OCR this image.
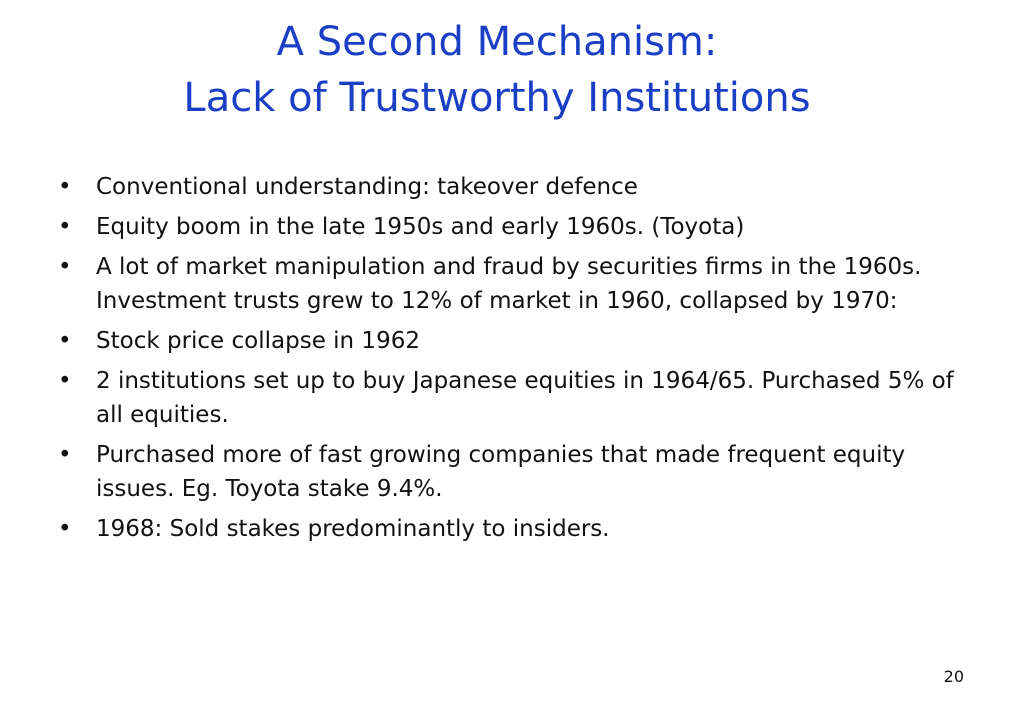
A Second Mechanism:
Lack of Trustworthy Institutions
• Conventional understanding: takeover defence
• Equity boom in the late 1950s and early 1960s. (Toyota)
• A lot of market manipulation and fraud by securities firms in the 1960s. Investment trusts grew to 12% of market in 1960, collapsed by 1970:
• Stock price collapse in 1962
• 2 institutions set up to buy Japanese equities in 1964/65. Purchased 5% of all equities.
• Purchased more of fast growing companies that made frequent equity issues. Eg. Toyota stake 9.4%.
• 1968: Sold stakes predominantly to insiders.
20
